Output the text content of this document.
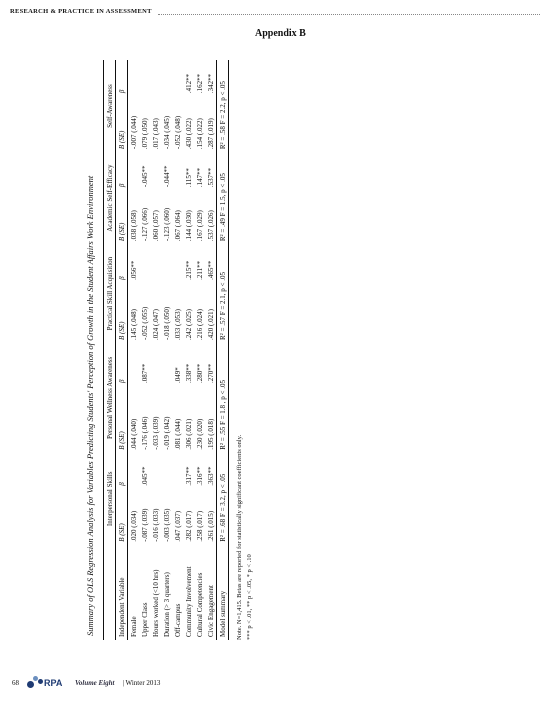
RESEARCH & PRACTICE IN ASSESSMENT
Appendix B
Summary of OLS Regression Analysis for Variables Predicting Students' Perception of Growth in the Student Affairs Work Environment
	Interpersonal Skills		Personal Wellness Awareness		Practical Skill Acquisition		Academic Self-Efficacy		Self-Awareness	
Independent Variable	B (SE)	β	B (SE)	β	B (SE)	β	B (SE)	β	B (SE)	β
Female	.020 (.034)		.044 (.040)		.145 (.048)	.056**	.038 (.058)		-.007 (.044)	
Upper Class	-.087 (.039)	.045**	-.176 (.046)	.087**	-.052 (.055)		-.127 (.066)	-.045**	.079 (.050)	
Hours worked (<10 hrs)	-.016 (.033)		-.033 (.039)		.024 (.047)		.060 (.057)		.017 (.043)	
Duration (> 3 quarters)	-.003 (.035)		-.019 (.042)		-.018 (.050)		-.123 (.060)	-.044**	-.034 (.045)	
Off-campus	.047 (.037)		.081 (.044)	.049*	.033 (.053)		.067 (.064)		-.052 (.048)	
Community Involvement	.282 (.017)	.317**	.306 (.021)	.338**	.242 (.025)	.215**	.144 (.030)	.115**	.430 (.022)	.412**
Cultural Competencies	.258 (.017)	.316**	.230 (.020)	.280**	.216 (.024)	.211**	.167 (.029)	.147**	.154 (.022)	.162**
Civic Engagement	.261 (.015)	.363**	.195 (.018)	.270**	.420 (.021)	.465**	.537 (.026)	.537**	.287 (.019)	.342**
Model summary	R² = .68 F = 3.2, p < .05		R² = .55 F = 1.8 , p < .05		R² = .57 F = 2.1, p < .05		R² = .49 F = 1.5, p < .05		R² = .58 F = 2.2, p < .05	
Note. N=1,415. Betas are reported for statistically significant coefficients only. *** p < .01, ** p < .05, * p < .10
68	RPA Volume Eight | Winter 2013
